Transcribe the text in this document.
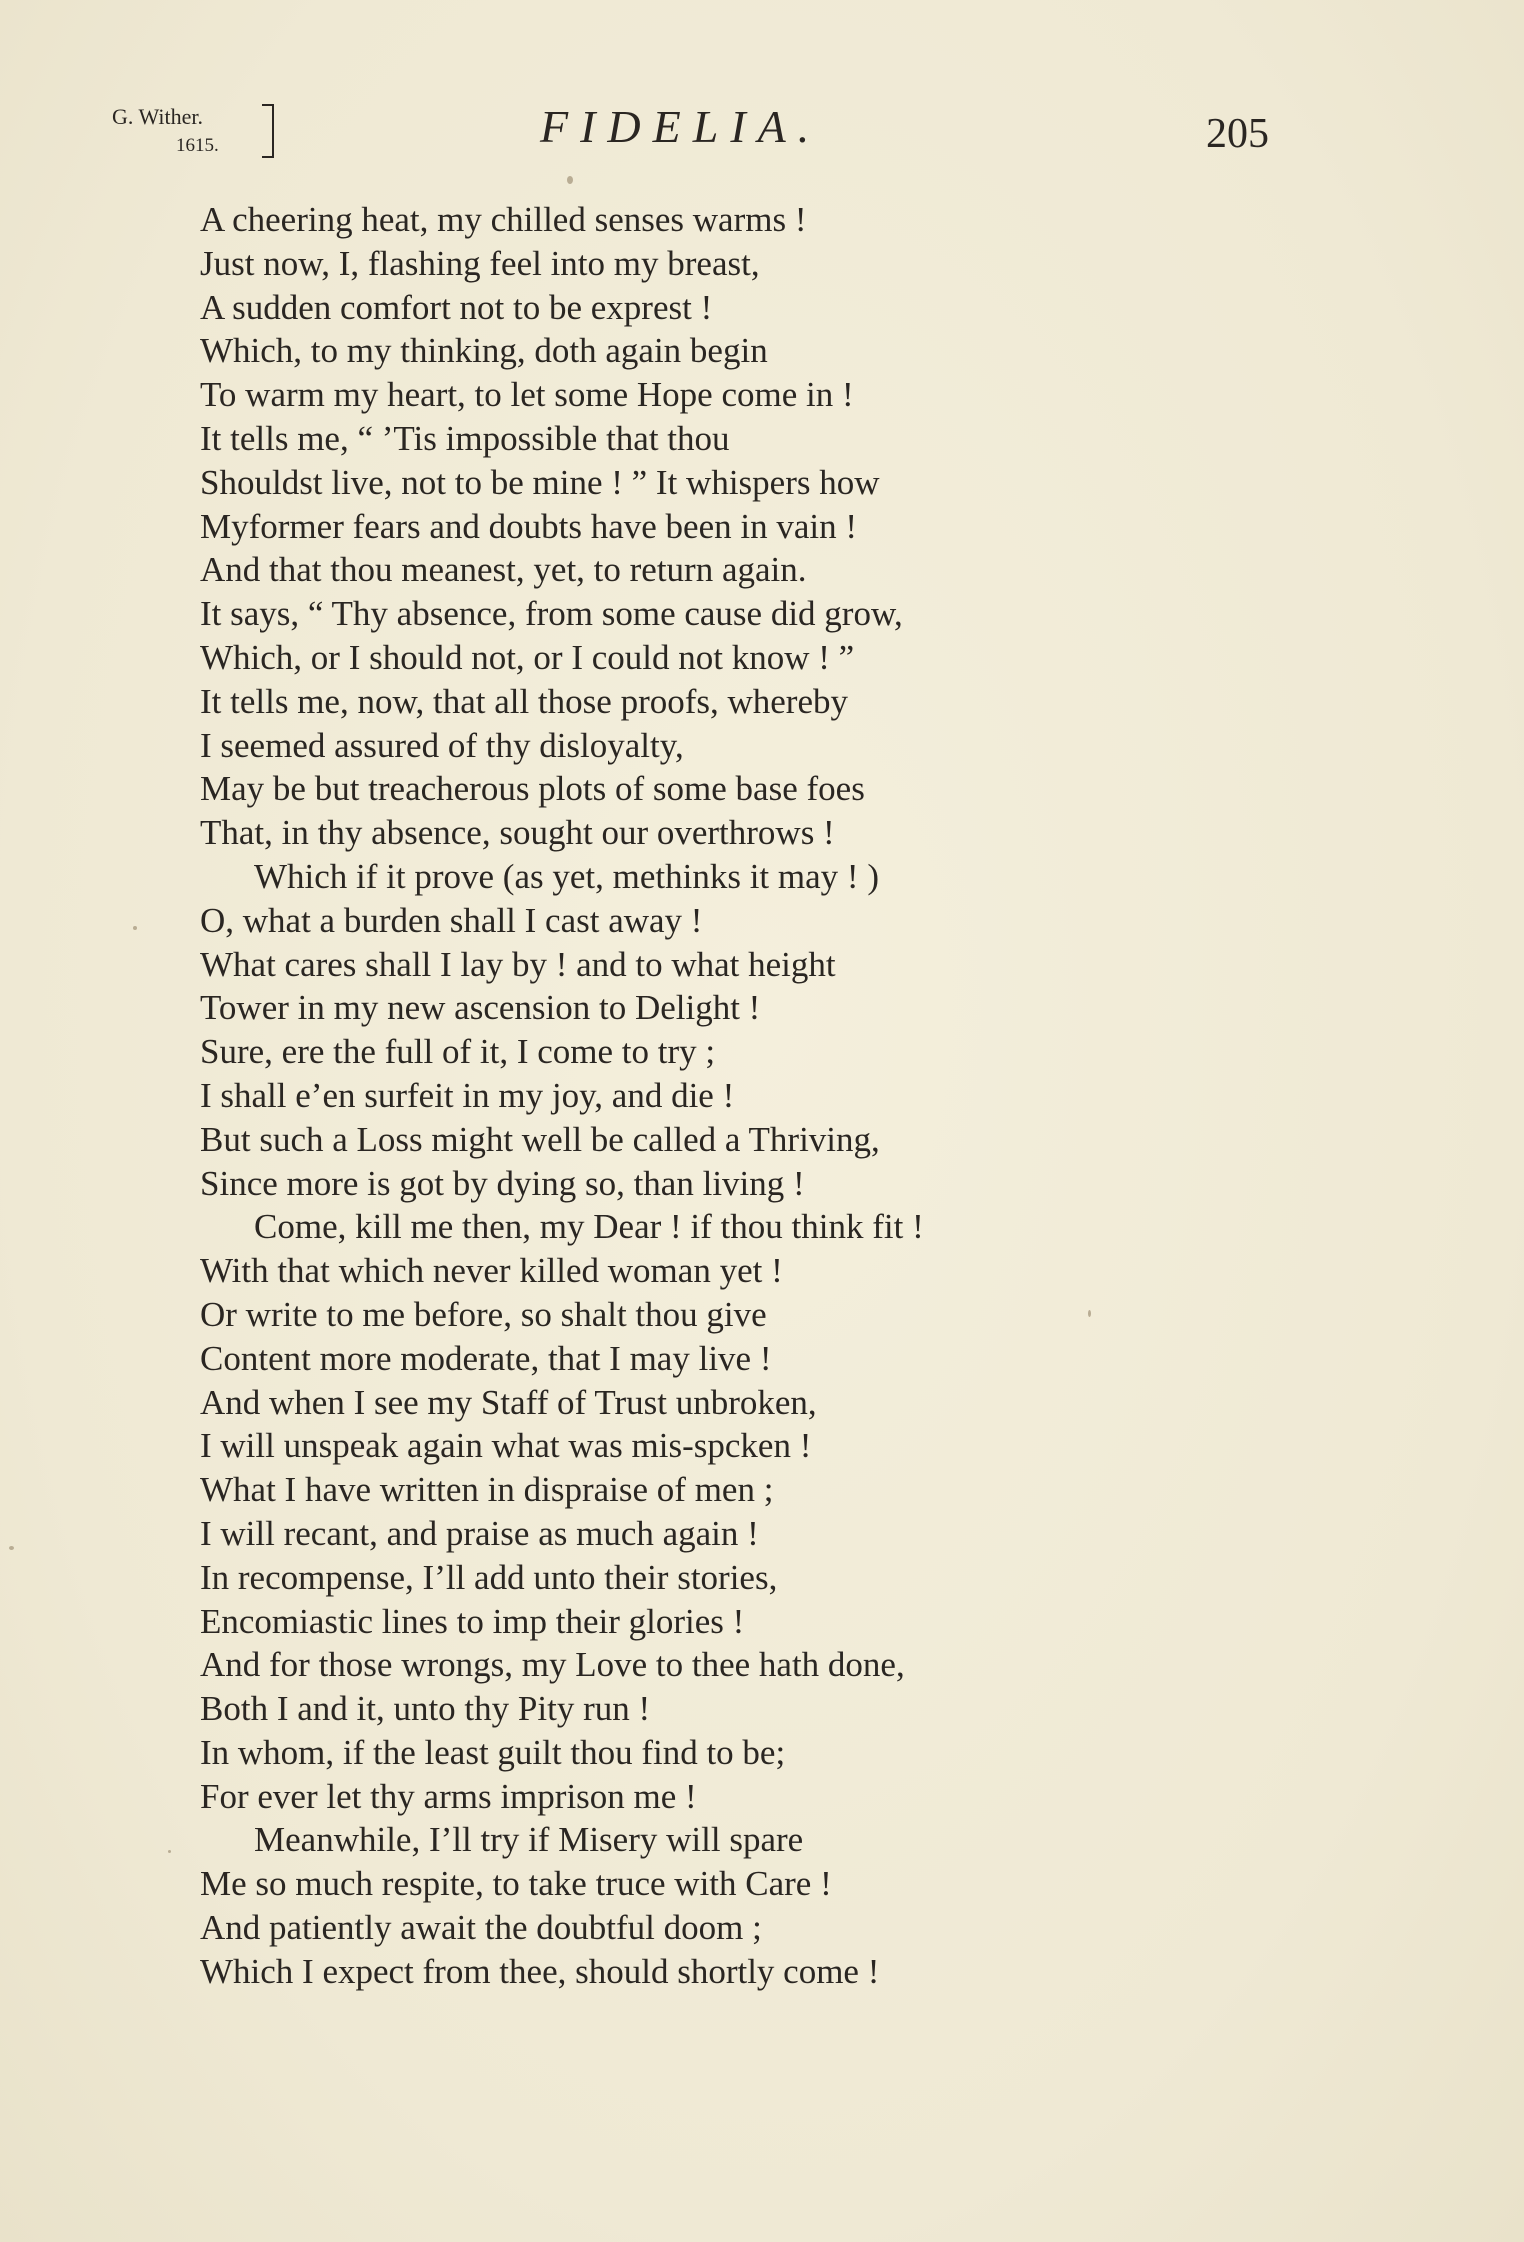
G. Wither.
1615.	FIDELIA.	205
A cheering heat, my chilled senses warms !
Just now, I, flashing feel into my breast,
A sudden comfort not to be exprest !
Which, to my thinking, doth again begin
To warm my heart, to let some Hope come in !
It tells me, “ ’Tis impossible that thou
Shouldst live, not to be mine ! ” It whispers how
Myformer fears and doubts have been in vain !
And that thou meanest, yet, to return again.
It says, “ Thy absence, from some cause did grow,
Which, or I should not, or I could not know ! ”
It tells me, now, that all those proofs, whereby
I seemed assured of thy disloyalty,
May be but treacherous plots of some base foes
That, in thy absence, sought our overthrows !
Which if it prove (as yet, methinks it may ! )
O, what a burden shall I cast away !
What cares shall I lay by ! and to what height
Tower in my new ascension to Delight !
Sure, ere the full of it, I come to try ;
I shall e’en surfeit in my joy, and die !
But such a Loss might well be called a Thriving,
Since more is got by dying so, than living !
Come, kill me then, my Dear ! if thou think fit !
With that which never killed woman yet !
Or write to me before, so shalt thou give
Content more moderate, that I may live !
And when I see my Staff of Trust unbroken,
I will unspeak again what was mis-spcken !
What I have written in dispraise of men ;
I will recant, and praise as much again !
In recompense, I’ll add unto their stories,
Encomiastic lines to imp their glories !
And for those wrongs, my Love to thee hath done,
Both I and it, unto thy Pity run !
In whom, if the least guilt thou find to be;
For ever let thy arms imprison me !
Meanwhile, I’ll try if Misery will spare
Me so much respite, to take truce with Care !
And patiently await the doubtful doom ;
Which I expect from thee, should shortly come !
